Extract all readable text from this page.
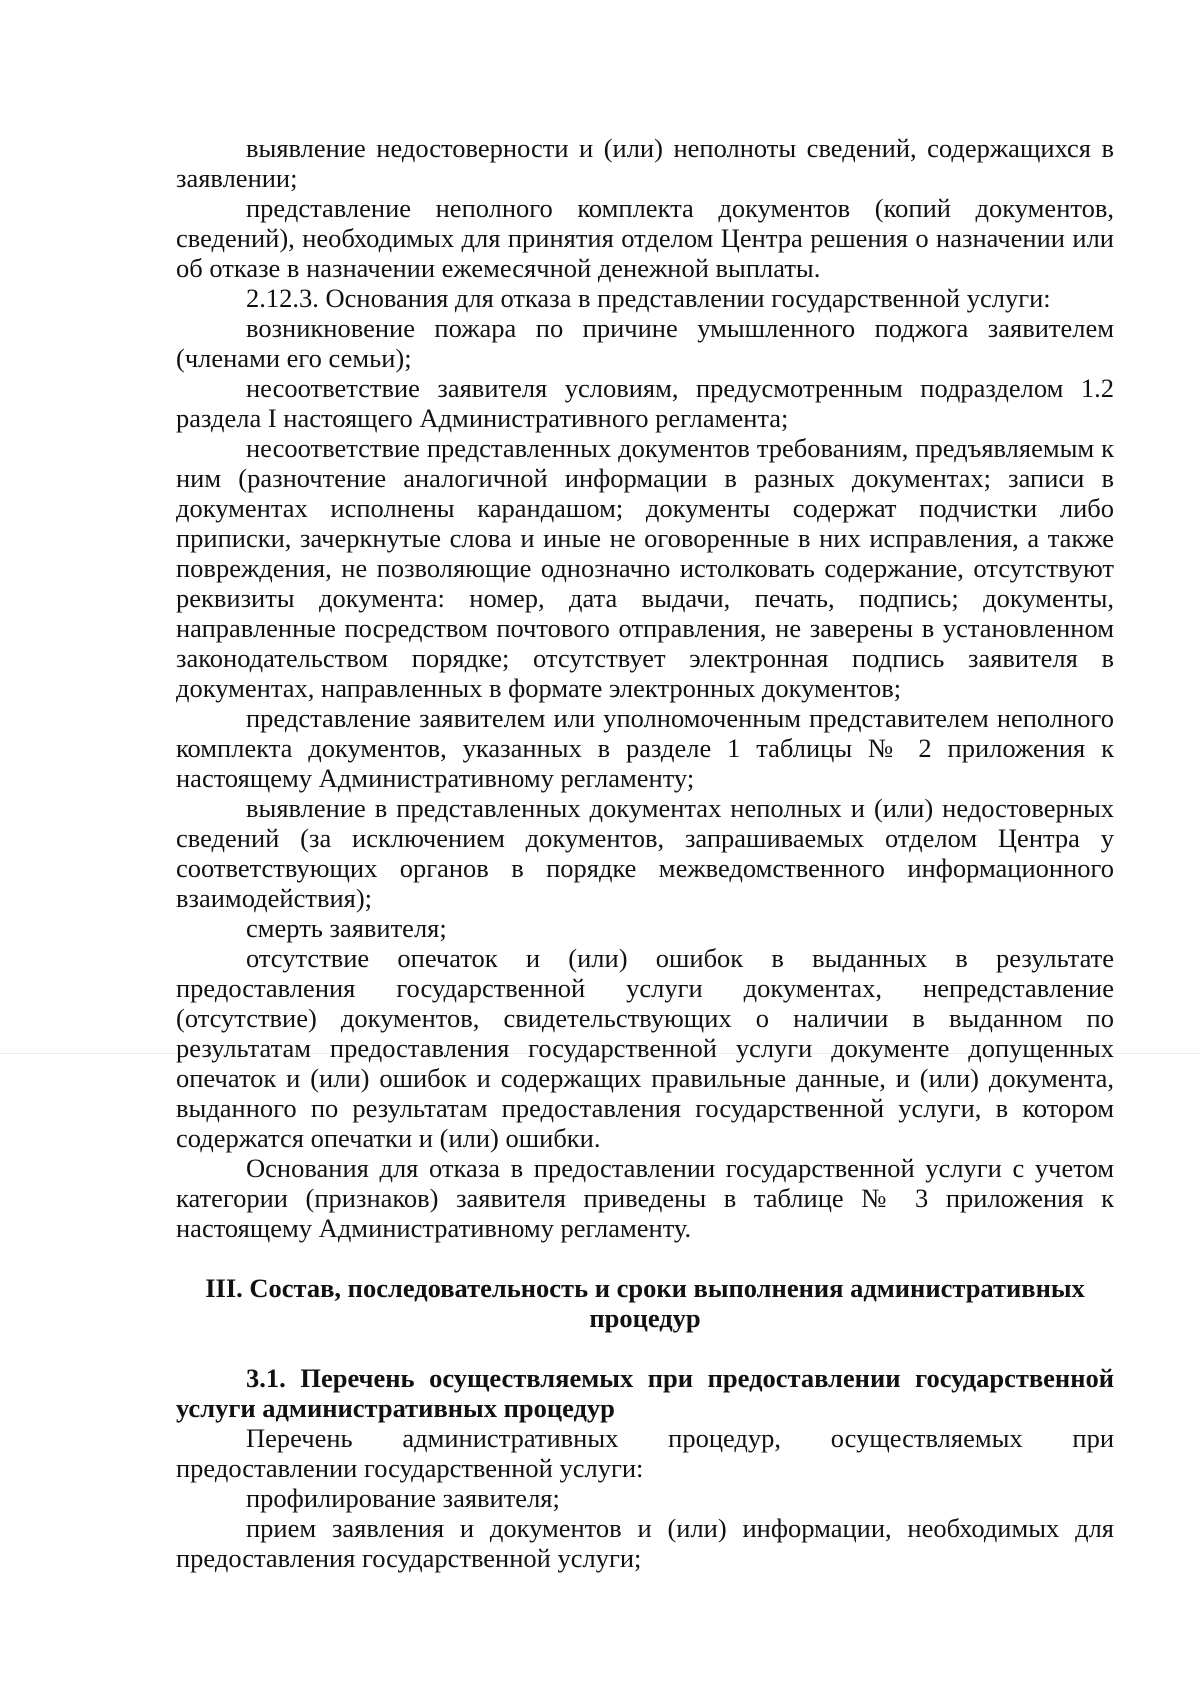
выявление недостоверности и (или) неполноты сведений, содержащихся в заявлении;

представление неполного комплекта документов (копий документов, сведений), необходимых для принятия отделом Центра решения о назначении или об отказе в назначении ежемесячной денежной выплаты.

2.12.3. Основания для отказа в представлении государственной услуги:

возникновение пожара по причине умышленного поджога заявителем (членами его семьи);

несоответствие заявителя условиям, предусмотренным подразделом 1.2 раздела I настоящего Административного регламента;

несоответствие представленных документов требованиям, предъявляемым к ним (разночтение аналогичной информации в разных документах; записи в документах исполнены карандашом; документы содержат подчистки либо приписки, зачеркнутые слова и иные не оговоренные в них исправления, а также повреждения, не позволяющие однозначно истолковать содержание, отсутствуют реквизиты документа: номер, дата выдачи, печать, подпись; документы, направленные посредством почтового отправления, не заверены в установленном законодательством порядке; отсутствует электронная подпись заявителя в документах, направленных в формате электронных документов;

представление заявителем или уполномоченным представителем неполного комплекта документов, указанных в разделе 1 таблицы № 2 приложения к настоящему Административному регламенту;

выявление в представленных документах неполных и (или) недостоверных сведений (за исключением документов, запрашиваемых отделом Центра у соответствующих органов в порядке межведомственного информационного взаимодействия);

смерть заявителя;

отсутствие опечаток и (или) ошибок в выданных в результате предоставления государственной услуги документах, непредставление (отсутствие) документов, свидетельствующих о наличии в выданном по результатам предоставления государственной услуги документе допущенных опечаток и (или) ошибок и содержащих правильные данные, и (или) документа, выданного по результатам предоставления государственной услуги, в котором содержатся опечатки и (или) ошибки.

Основания для отказа в предоставлении государственной услуги с учетом категории (признаков) заявителя приведены в таблице № 3 приложения к настоящему Административному регламенту.

III. Состав, последовательность и сроки выполнения административных процедур
3.1. Перечень осуществляемых при предоставлении государственной услуги административных процедур

Перечень административных процедур, осуществляемых при предоставлении государственной услуги:

профилирование заявителя;

прием заявления и документов и (или) информации, необходимых для предоставления государственной услуги;
